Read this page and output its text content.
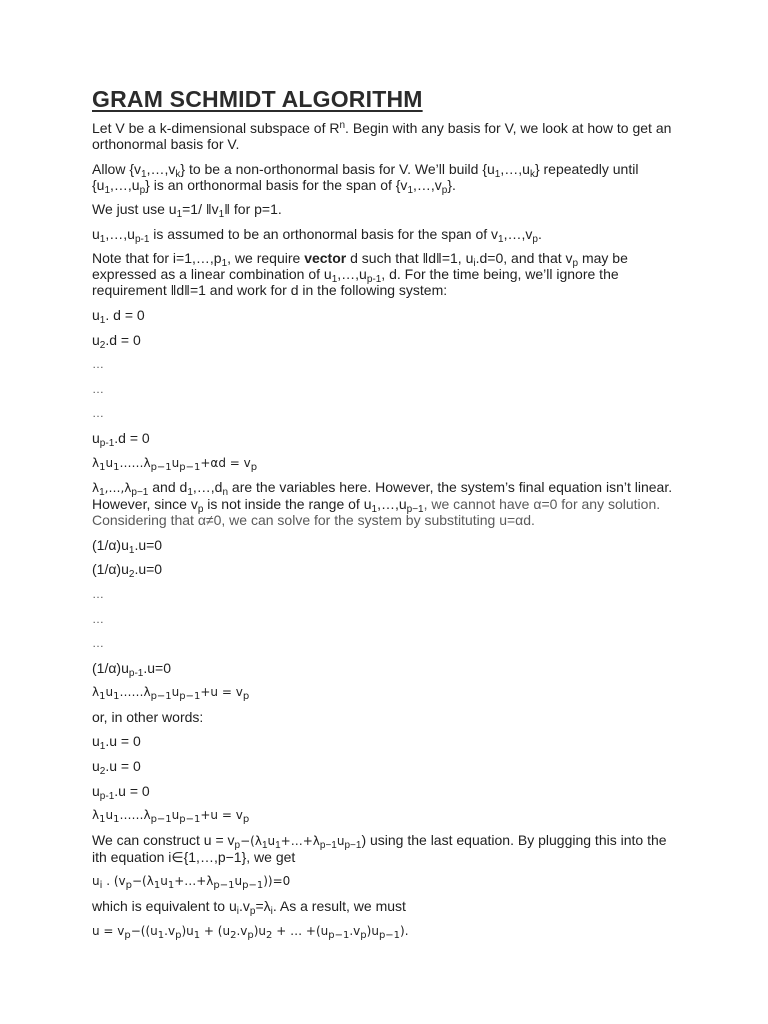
GRAM SCHMIDT ALGORITHM

Let V be a k-dimensional subspace of $R^n$. Begin with any basis for V, we look at how to get an orthonormal basis for V.

Allow $\{v_1,\dots,v_k\}$ to be a non-orthonormal basis for V. We’ll build $\{u_1,\dots,u_k\}$ repeatedly until $\{u_1,\dots,u_p\}$ is an orthonormal basis for the span of $\{v_1,\dots,v_p\}$.

We just use $u_1=1/$ $‖v_1‖$ for p=1.

$u_1,\dots,u_{p-1}$ is assumed to be an orthonormal basis for the span of $v_1,\dots,v_p$.

Note that for $i=1,\dots,p_1$, we require vector d such that ‖d‖=1, $u_i.d=0$, and that $v_p$ may be expressed as a linear combination of $u_1,\dots,u_{p-1}$, d. For the time being, we’ll ignore the requirement ‖d‖=1 and work for d in the following system:

$u_1$. d = 0

$u_2.d = 0$

…

…

…

$u_{p-1}.d = 0$

$\lambda_1u_1\dots\dots\lambda_{p-1}u_{p-1}+\alpha d = v_p$

$\lambda_1,\dots,\lambda_{p-1}$ and $d_1,\dots,d_n$ are the variables here. However, the system’s final equation isn’t linear. However, since $v_p$ is not inside the range of $u_1,\dots,u_{p-1}$, we cannot have α=0 for any solution. Considering that α≠0, we can solve for the system by substituting u=αd.

$(1/\alpha)u_1.u=0$

$(1/\alpha)u_2.u=0$

…

…

…

$(1/\alpha)u_{p-1}.u=0$

$\lambda_1u_1\dots\dots\lambda_{p-1}u_{p-1}+u = v_p$

or, in other words:

$u_1.u = 0$

$u_2.u = 0$

$u_{p-1}.u = 0$

$\lambda_1u_1\dots\dots\lambda_{p-1}u_{p-1}+u = v_p$

We can construct $u = v_p-(\lambda_1u_1+\dots+\lambda_{p-1}u_{p-1})$ using the last equation. By plugging this into the ith equation i∈{1,…,p−1}, we get

$u_i$ . $(v_p-(\lambda_1u_1+\dots+\lambda_{p-1}u_{p-1}))=0$

which is equivalent to $u_i.v_p=\lambda_i$. As a result, we must

$u = v_p-((u_1.v_p)u_1 + (u_2.v_p)u_2$ + … $+(u_{p-1}.v_p)u_{p-1}$).
